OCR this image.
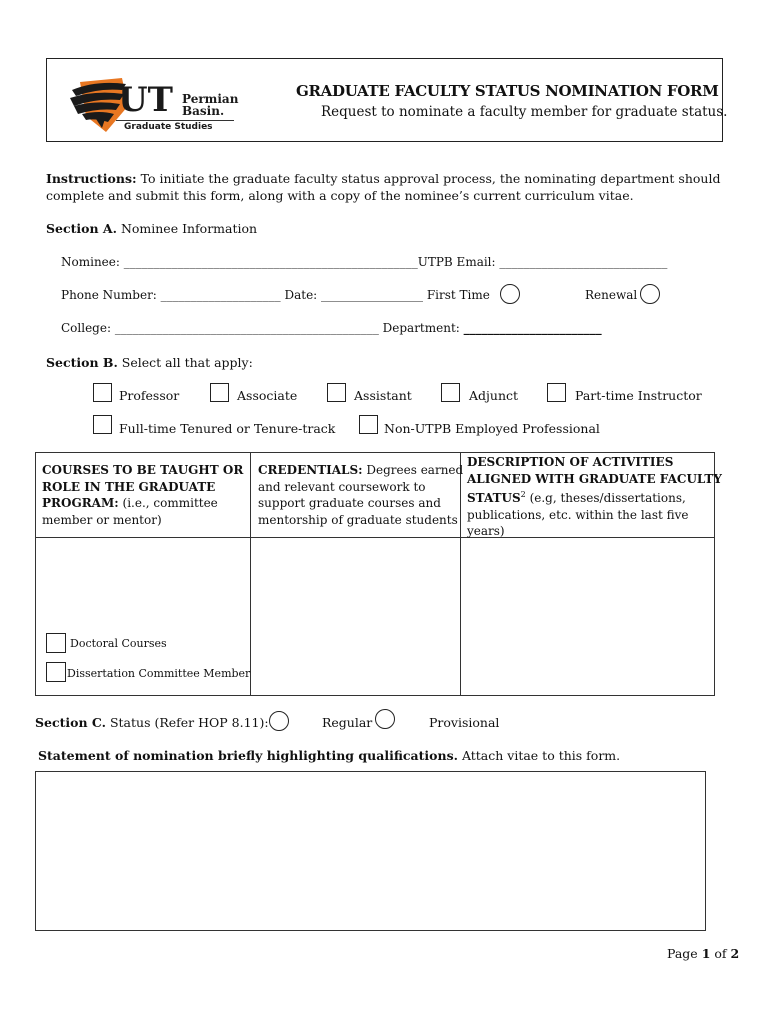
UT Permian
Basin.
Graduate Studies
GRADUATE FACULTY STATUS NOMINATION FORM
Request to nominate a faculty member for graduate status.
Instructions: To initiate the graduate faculty status approval process, the nominating department should
complete and submit this form, along with a copy of the nominee’s current curriculum vitae.
Section A. Nominee Information
Nominee: _________________________________________________UTPB Email: ____________________________
Phone Number: ____________________ Date: _________________ First Time	Renewal
College: ____________________________________________ Department: _______________________
Section B. Select all that apply:
Professor	Associate	Assistant	Adjunct	Part-time Instructor
Full-time Tenured or Tenure-track	Non-UTPB Employed Professional
COURSES TO BE TAUGHT OR
ROLE IN THE GRADUATE
PROGRAM: (i.e., committee
member or mentor)
CREDENTIALS: Degrees earned
and relevant coursework to
support graduate courses and
mentorship of graduate students
DESCRIPTION OF ACTIVITIES
ALIGNED WITH GRADUATE FACULTY
STATUS$^2$ (e.g, theses/dissertations,
publications, etc. within the last five
years)
Doctoral Courses
Dissertation Committee Member
Section C. Status (Refer HOP 8.11):	Regular	Provisional
Statement of nomination briefly highlighting qualifications. Attach vitae to this form.
Page 1 of 2
